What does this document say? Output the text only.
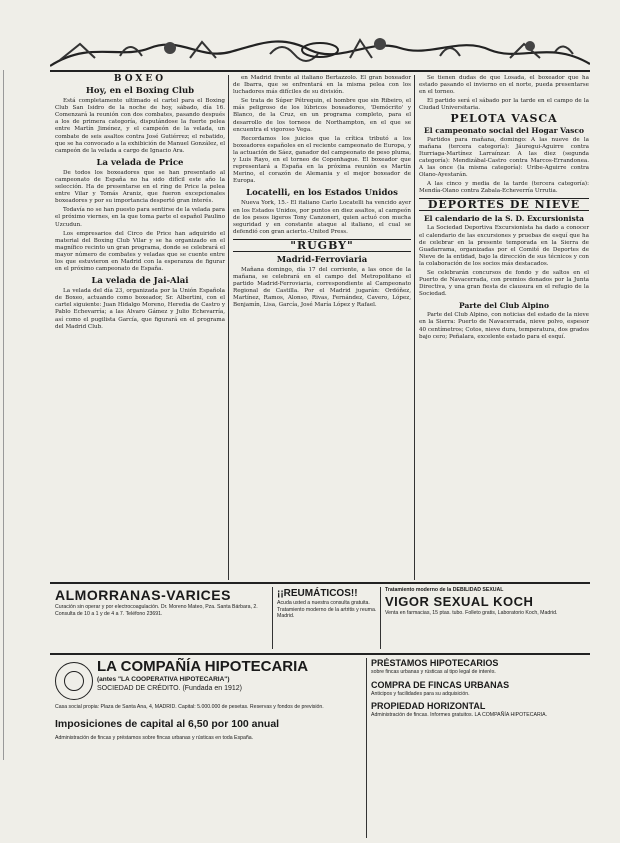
BOXEO
Hoy, en el Boxing Club

Está completamente ultimado el cartel para el Boxing Club San Isidro de la noche de hoy, sábado, día 16. Comenzará la reunión con dos combates, pasando después a los de primera categoría, disputándose la fuerte pelea entre Martín Jiménez, y el campeón de la velada, un combate de seis asaltos contra José Gutiérrez; el rebatido, que se ha convocado a la exhibición de Manuel González, el campeón de la velada a cargo de Ignacio Ara.

La velada de Price

De todos los boxeadores que se han presentado al campeonato de España no ha sido difícil este año la selección. Ha de presentarse en el ring de Price la pelea entre Vilar y Tomás Araniz, que fueron excepcionales boxeadores y por su importancia despertó gran interés.

Todavía no se han puesto para sentirse de la velada para el próximo viernes, en la que toma parte el español Paulino Uzcudun.

Los empresarios del Circo de Price han adquirido el material del Boxing Club Vilar y se ha organizado en el magnífico recinto un gran programa, donde se celebrará el mayor número de combates y veladas que se cuente entre los que estuvieron en Madrid con la esperanza de figurar en el próximo campeonato de España.

La velada de Jai-Alai

La velada del día 23, organizada por la Unión Española de Boxeo, actuando como boxeador, Sr. Albertini, con el cartel siguiente: Juan Hidalgo Moreno, Heredia de Castro y Pablo Echevarría; a las Alvaro Gámez y Julio Echevarría, así como el pugilista García, que figurará en el programa del Madrid Club.

en Madrid frente al italiano Bertazzolo. El gran boxeador de Ibarra, que se enfrentará en la misma pelea con los luchadores más difíciles de su división.

Se trata de Súper Pétrequin, el hombre que sin Ribeiro, el más peligroso de los lúbricos boxeadores, 'Demócrito' y Blanco, de la Cruz, en un programa completo, para el desarrollo de los torneos de Northampton, en el que se encuentra el vigoroso Vega.

Recordamos los juicios que la crítica tributó a los boxeadores españoles en el reciente campeonato de Europa, y la actuación de Sáez, ganador del campeonato de peso pluma, y Luis Rayo, en el torneo de Copenhague. El boxeador que representará a España en la próxima reunión es Martín Merino, el corazón de Alemania y el mejor boxeador de Europa.

Locatelli, en los Estados Unidos

Nueva York, 15.- El italiano Carlo Locatelli ha vencido ayer en los Estados Unidos, por puntos en diez asaltos, al campeón de los pesos ligeros Tony Canzoneri, quien actuó con mucha seguridad y en constante ataque al italiano, el cual se defendió con gran acierto.-United Press.

"RUGBY"
Madrid-Ferroviaria

Mañana domingo, día 17 del corriente, a las once de la mañana, se celebrará en el campo del Metropolitano el partido Madrid-Ferroviaria, correspondiente al Campeonato Regional de Castilla. Por el Madrid jugarán: Ordóñez, Martínez, Ramos, Alonso, Rivas, Fernández, Cavero, López, Benjamín, Lisa, García, José María López y Rafael.

Se tienen dudas de que Losada, el boxeador que ha estado pasando el invierno en el norte, pueda presentarse en el torneo.

El partido será el sábado por la tarde en el campo de la Ciudad Universitaria.

PELOTA VASCA
El campeonato social del Hogar Vasco

Partidos para mañana, domingo: A las nueve de la mañana (tercera categoría): Jáuregui-Aguirre contra Iturriaga-Martínez Larraínzar. A las diez (segunda categoría): Mendizábal-Castro contra Marcos-Errandonea. A las once (la misma categoría): Uribe-Aguirre contra Olano-Ayestarán.

A las cinco y media de la tarde (tercera categoría): Mendía-Olano contra Zabala-Echeverría Urrutia.

DEPORTES DE NIEVE
El calendario de la S. D. Excursionista

La Sociedad Deportiva Excursionista ha dado a conocer el calendario de las excursiones y pruebas de esquí que ha de celebrar en la presente temporada en la Sierra de Guadarrama, organizadas por el Comité de Deportes de Nieve de la entidad, bajo la dirección de sus técnicos y con la colaboración de los socios más destacados.

Se celebrarán concursos de fondo y de saltos en el Puerto de Navacerrada, con premios donados por la Junta Directiva, y una gran fiesta de clausura en el refugio de la Sociedad.

Parte del Club Alpino

Parte del Club Alpino, con noticias del estado de la nieve en la Sierra: Puerto de Navacerrada, nieve polvo, espesor 40 centímetros; Cotos, nieve dura, temperatura, dos grados bajo cero; Peñalara, excelente estado para el esquí.

ALMORRANAS-VARICES
Curación sin operar y por electrocoagulación. Dr. Moreno Mateo, Pza. Santa Bárbara, 2. Consulta de 10 a 1 y de 4 a 7. Teléfono 23691.
¡¡REUMÁTICOS!!
Acuda usted a nuestra consulta gratuita. Tratamiento moderno de la artritis y reuma. Madrid.
Tratamiento moderno de la DEBILIDAD SEXUAL
VIGOR SEXUAL KOCH
Venta en farmacias, 15 ptas. tubo. Folleto gratis, Laboratorio Koch, Madrid.
LA COMPAÑÍA HIPOTECARIA
(antes "LA COOPERATIVA HIPOTECARIA")
SOCIEDAD DE CRÉDITO. (Fundada en 1912)
Casa social propia: Plaza de Santa Ana, 4, MADRID. Capital: 5.000.000 de pesetas. Reservas y fondos de previsión.
Imposiciones de capital al 6,50 por 100 anual
Administración de fincas y préstamos sobre fincas urbanas y rústicas en toda España.
PRÉSTAMOS HIPOTECARIOS
sobre fincas urbanas y rústicas al tipo legal de interés.
COMPRA DE FINCAS URBANAS
Anticipos y facilidades para su adquisición.
PROPIEDAD HORIZONTAL
Administración de fincas. Informes gratuitos. LA COMPAÑÍA HIPOTECARIA.
